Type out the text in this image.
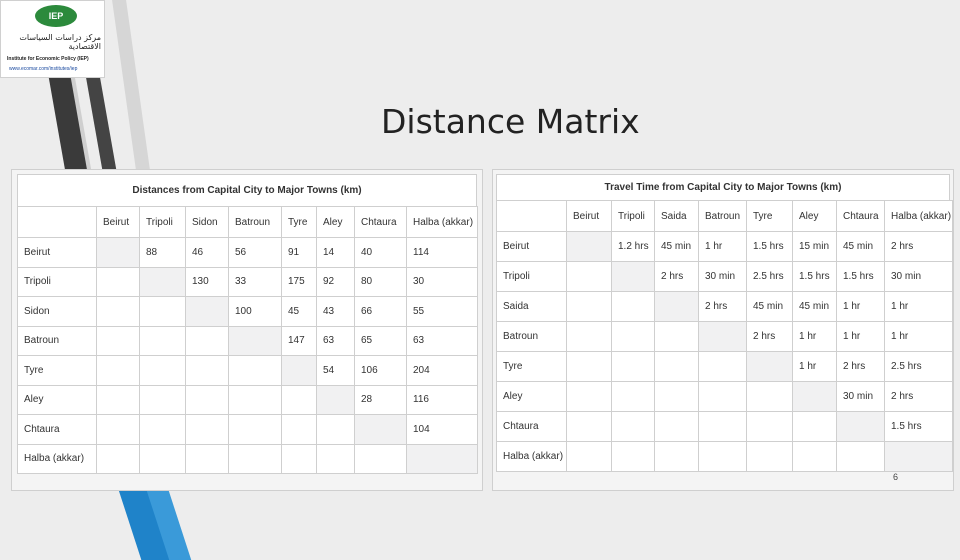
IEP
مركز دراسات السياسات الاقتصادية
Institute for Economic Policy (IEP)
www.ecomar.com/institutes/iep
Distance Matrix
Distances from Capital City to Major Towns (km)
	Beirut	Tripoli	Sidon	Batroun	Tyre	Aley	Chtaura	Halba (akkar)
Beirut		88	46	56	91	14	40	114
Tripoli			130	33	175	92	80	30
Sidon				100	45	43	66	55
Batroun					147	63	65	63
Tyre						54	106	204
Aley							28	116
Chtaura								104
Halba (akkar)								
Travel Time from Capital City to Major Towns (km)
	Beirut	Tripoli	Saida	Batroun	Tyre	Aley	Chtaura	Halba (akkar)
Beirut		1.2 hrs	45 min	1 hr	1.5 hrs	15 min	45 min	2 hrs
Tripoli			2 hrs	30 min	2.5 hrs	1.5 hrs	1.5 hrs	30 min
Saida				2 hrs	45 min	45 min	1 hr	1 hr
Batroun					2 hrs	1 hr	1 hr	1 hr
Tyre						1 hr	2 hrs	2.5 hrs
Aley							30 min	2 hrs
Chtaura								1.5 hrs
Halba (akkar)								
6
